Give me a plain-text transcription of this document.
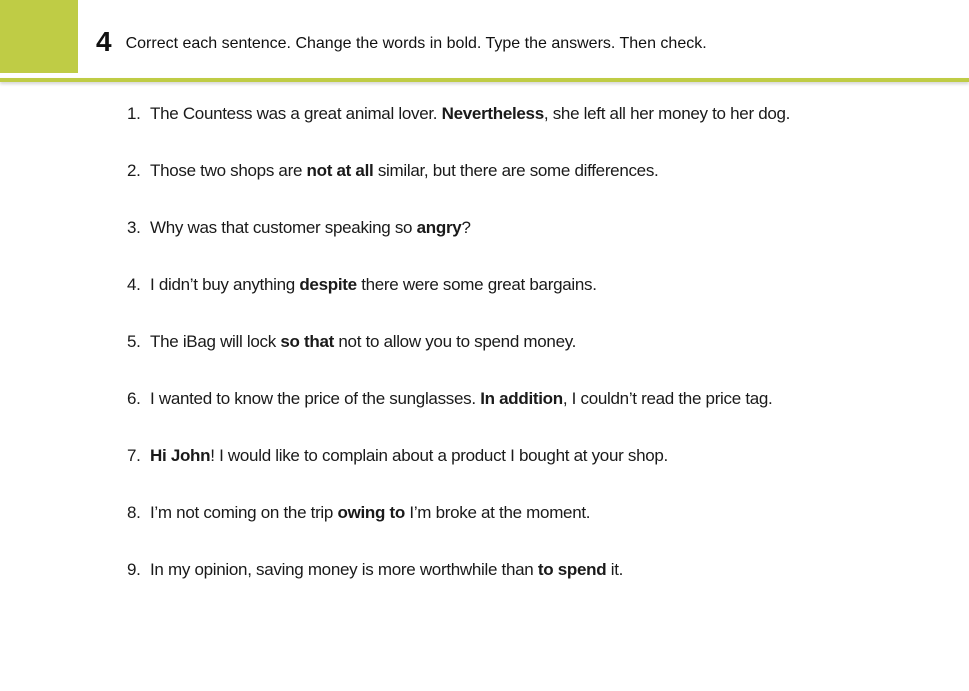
4 Correct each sentence. Change the words in bold. Type the answers. Then check.
1. The Countess was a great animal lover. Nevertheless, she left all her money to her dog.
2. Those two shops are not at all similar, but there are some differences.
3. Why was that customer speaking so angry?
4. I didn’t buy anything despite there were some great bargains.
5. The iBag will lock so that not to allow you to spend money.
6. I wanted to know the price of the sunglasses. In addition, I couldn’t read the price tag.
7. Hi John! I would like to complain about a product I bought at your shop.
8. I’m not coming on the trip owing to I’m broke at the moment.
9. In my opinion, saving money is more worthwhile than to spend it.
